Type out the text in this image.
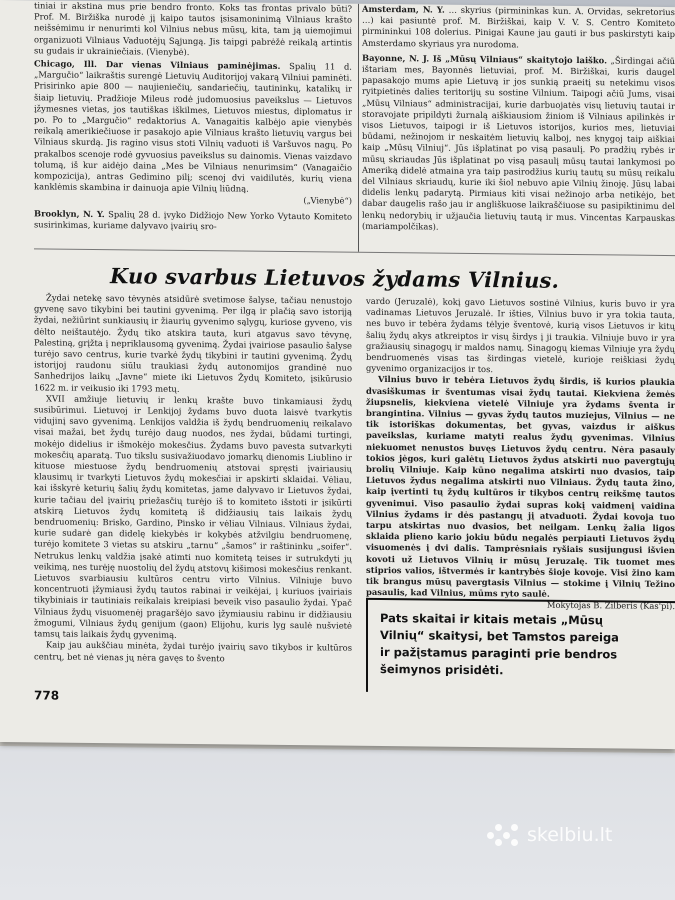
tiniai ir akstina mus prie bendro fronto. Koks tas frontas privalo būti? Prof. M. Biržiška nurodė jį kaipo tautos įsisamoninimą Vilniaus krašto neišsėmimu ir nenurimti kol Vilnius nebus mūsų, kita, tam ją uiemojimui organizuoti Vilniaus Vaduotėjų Sąjungą. Jis taipgi pabrėžė reikalą artintis su gudais ir ukrainiečiais. (Vienybė).

Chicago, Ill. Dar vienas Vilniaus paminėjimas. Spalių 11 d. „Margučio“ laikraštis surengė Lietuvių Auditorijoj vakarą Vilniui paminėti. Prisirinko apie 800 — naujieniečių, sandariečių, tautininkų, katalikų ir šiaip lietuvių. Pradžioje Mileus rodė judomuosius paveikslus — Lietuvos įžymesnes vietas, jos tautiškas iškilmes, Lietuvos miestus, diplomatus ir po. Po to „Margučio“ redaktorius A. Vanagaitis kalbėjo apie vienybės reikalą amerikiečiuose ir pasakojo apie Vilniaus krašto lietuvių vargus bei Vilniaus skurdą. Jis ragino visus stoti Vilnių vaduoti iš Varšuvos nagų. Po prakalbos scenoje rodė gyvuosius paveikslus su dainomis. Vienas vaizdavo tolumą, iš kur aidėjo daina „Mes be Vilniaus nenurimsim“ (Vanagaičio kompozicija), antras Gedimino pilį; scenoj dvi vaidilutės, kurių viena kanklėmis skambina ir dainuoja apie Vilnių liūdną.

(„Vienybė“)

Brooklyn, N. Y. Spalių 28 d. įvyko Didžiojo New Yorko Vytauto Komiteto susirinkimas, kuriame dalyvavo įvairių sro-

Amsterdam, N. Y. … skyrius (pirmininkas kun. A. Orvidas, sekretorius …) kai pasiuntė prof. M. Biržiškai, kaip V. V. S. Centro Komiteto pirmininkui 108 dolerius. Pinigai Kaune jau gauti ir bus paskirstyti kaip Amsterdamo skyriaus yra nurodoma.

Bayonne, N. J. Iš „Mūsų Vilniaus“ skaitytojo laiško. „Širdingai ačiū ištariam mes, Bayonnės lietuviai, prof. M. Biržiškai, kuris daugel papasakojo mums apie Lietuvą ir jos sunkią praeitį su netekimu visos ryitpietinės dalies teritorijų su sostine Vilnium. Taipogi ačiū Jums, visai „Mūsų Vilniaus“ administracijai, kurie darbuojatės visų lietuvių tautai ir storavojate pripildyti žurnalą aiškiausiom žiniom iš Vilniaus apilinkės ir visos Lietuvos, taipogi ir iš Lietuvos istorijos, kurios mes, lietuviai būdami, nežinojom ir neskaitėm lietuvių kalboj, nes knygoj taip aiškiai kaip „Mūsų Vilniuj“. Jūs išplatinat po visą pasaulį. Po pradžių rybės ir mūsų skriaudas Jūs išplatinat po visą pasaulį mūsų tautai lankymosi po Ameriką didelė atmaina yra taip pasirodžius kurių tautų su mūsų reikalu del Vilniaus skriaudų, kurie iki šiol nebuvo apie Vilnių žinoję. Jūsų labai didelis lenkų padarytą. Pirmiaus kiti visai nežinojo arba netikėjo, bet dabar daugelis rašo jau ir angliškuose laikraščiuose su pasipiktinimu del lenkų nedorybių ir užjaučia lietuvių tautą ir mus. Vincentas Karpauskas (mariampolčikas).

Kuo svarbus Lietuvos žydams Vilnius.

Žydai netekę savo tėvynės atsidūrė svetimose šalyse, tačiau nenustojo gyvenę savo tikybini bei tautini gyvenimą. Per ilgą ir plačią savo istoriją žydai, nežiūrint sunkiausių ir žiaurių gyvenimo sąlygų, kuriose gyveno, vis dėlto neištautėjo. Žydų tiko atskira tauta, kuri atgavus savo tėvynę, Palestiną, grįžta į nepriklausomą gyvenimą. Žydai įvairiose pasaulio šalyse turėjo savo centrus, kurie tvarkė žydų tikybini ir tautini gyvenimą. Žydų istorijoj raudonu siūlu traukiasi žydų autonomijos grandinė nuo Sanhedrijos laikų „Javne“ miete iki Lietuvos Žydų Komiteto, įsikūrusio 1622 m. ir veikusio iki 1793 metų.

XVII amžiuje lietuvių ir lenkų krašte buvo tinkamiausi žydų susibūrimui. Lietuvoj ir Lenkijoj žydams buvo duota laisvė tvarkytis vidujinį savo gyvenimą. Lenkijos valdžia iš žydų bendruomenių reikalavo visai mažai, bet žydų turėjo daug nuodos, nes žydai, būdami turtingi, mokėjo didelius ir išmokėjo mokesčius. Žydams buvo pavesta sutvarkyti mokesčių aparatą. Tuo tikslu susivažiuodavo jomarkų dienomis Liublino ir kituose miestuose žydų bendruomenių atstovai spręsti įvairiausių klausimų ir tvarkyti Lietuvos žydų mokesčiai ir apskirti sklaidai. Vėliau, kai išskyrė keturių šalių žydų komitetas, jame dalyvavo ir Lietuvos žydai, kurie tačiau del įvairių priežasčių turėjo iš to komiteto išstoti ir įsikūrti atskirą Lietuvos žydų komitetą iš didžiausių tais laikais žydų bendruomenių: Brisko, Gardino, Pinsko ir vėliau Vilniaus. Vilniaus žydai, kurie sudarė gan didelę kiekybės ir kokybės atžvilgiu bendruomenę, turėjo komitete 3 vietas su atskiru „tarnu“ „šamos“ ir raštininku „soifer“. Netrukus lenkų valdžia įsakė atimti nuo komitetą teises ir sutrukdyti jų veikimą, nes turėję nuostolių del žydų atstovų kišimosi mokesčius renkant. Lietuvos svarbiausiu kultūros centru virto Vilnius. Vilniuje buvo koncentruoti įžymiausi žydų tautos rabinai ir veikėjai, į kuriuos įvairiais tikybiniais ir tautiniais reikalais kreipiasi beveik viso pasaulio žydai. Ypač Vilniaus žydų visuomenėj pragaršėjo savo įžymiausiu rabinu ir didžiausiu žmogumi, Vilniaus žydų genijum (gaon) Elijohu, kuris lyg saulė nušvietė tamsų tais laikais žydų gyvenimą.

Kaip jau aukščiau minėta, žydai turėjo įvairių savo tikybos ir kultūros centrų, bet nė vienas jų nėra gavęs to švento

vardo (Jeruzalė), kokį gavo Lietuvos sostinė Vilnius, kuris buvo ir yra vadinamas Lietuvos Jeruzalė. Ir išties, Vilnius buvo ir yra tokia tauta, nes buvo ir tebėra žydams tėlyje šventovė, kurią visos Lietuvos ir kitų šalių žydų akys atkreiptos ir visų širdys į ji traukia. Vilniuje buvo ir yra gražiausių sinagogų ir maldos namų. Sinagogų kiemas Vilniuje yra žydų bendruomenės visas tas širdingas vietelė, kurioje reiškiasi žydų gyvenimo organizacijos ir tos.

Vilnius buvo ir tebėra Lietuvos žydų širdis, iš kurios plaukia dvasiškumas ir šventumas visai žydų tautai. Kiekviena žemės žiupsnelis, kiekviena vietelė Vilniuje yra žydams šventa ir brangintina. Vilnius — gyvas žydų tautos muziejus, Vilnius — ne tik istoriškas dokumentas, bet gyvas, vaizdus ir aiškus paveikslas, kuriame matyti realus žydų gyvenimas. Vilnius niekuomet nenustos buvęs Lietuvos žydų centru. Nėra pasauly tokios jėgos, kuri galėtų Lietuvos žydus atskirti nuo pavergtųjų brolių Vilniuje. Kaip kūno negalima atskirti nuo dvasios, taip Lietuvos žydus negalima atskirti nuo Vilniaus. Žydų tauta žino, kaip įvertinti tų žydų kultūros ir tikybos centrų reikšmę tautos gyvenimui. Viso pasaulio žydai supras kokį vaidmenį vaidina Vilnius žydams ir dės pastangų jį atvaduoti. Žydai kovoja tuo tarpu atskirtas nuo dvasios, bet neilgam. Lenkų žalia ligos sklaida plieno kario jokiu būdu negalės perpiauti Lietuvos žydų visuomenės į dvi dalis. Tamprėsniais ryšiais susijungusi išvien kovoti už Lietuvos Vilnių ir mūsų Jeruzalę. Tik tuomet mes stiprios valios, ištvermės ir kantrybės šioje kovoje. Visi žino kam tik brangus mūsų pavergtasis Vilnius — stokime į Vilnių Težino pasaulis, kad Vilnius, mūms ryto saulė.

Mokytojas B. Zilberis (Kas'pi).

Pats skaitai ir kitais metais „Mūsų
Vilnių“ skaitysi, bet Tamstos pareiga
ir pažįstamus paraginti prie bendros
šeimynos prisidėti.
778
skelbiu.lt
